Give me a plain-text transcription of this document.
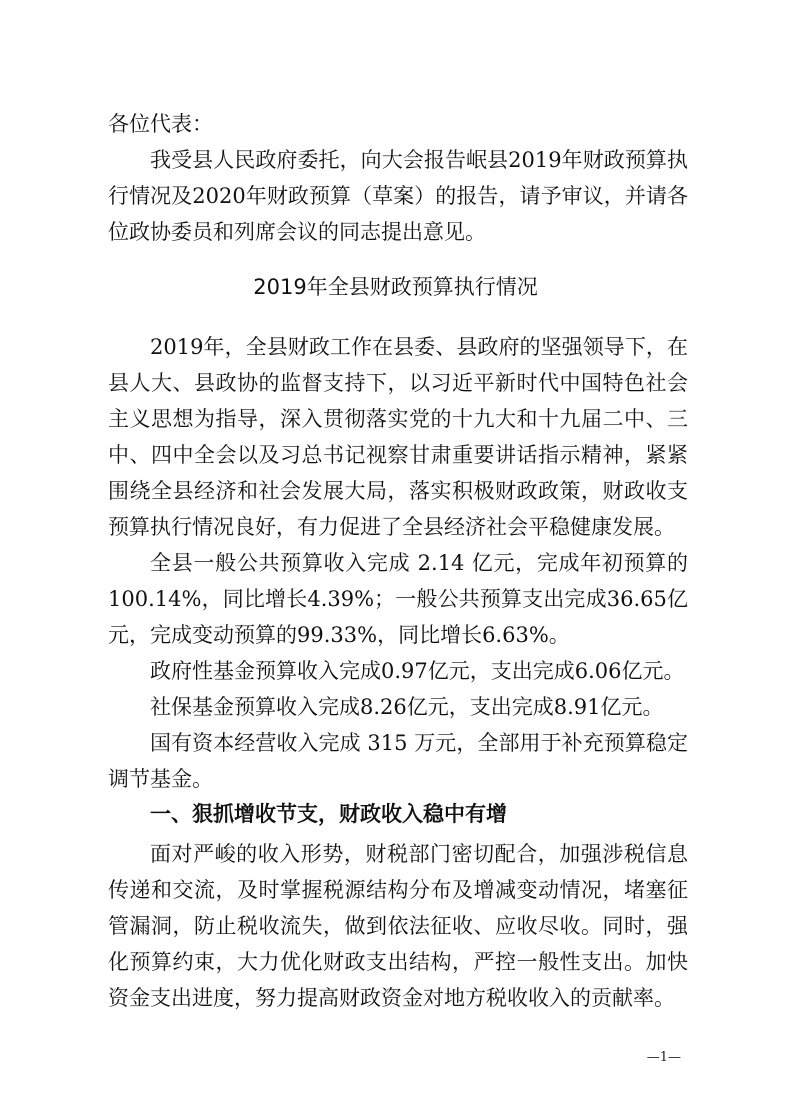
各位代表：
我受县人民政府委托，向大会报告岷县2019年财政预算执行情况及2020年财政预算（草案）的报告，请予审议，并请各位政协委员和列席会议的同志提出意见。
2019年全县财政预算执行情况
2019年，全县财政工作在县委、县政府的坚强领导下，在县人大、县政协的监督支持下，以习近平新时代中国特色社会主义思想为指导，深入贯彻落实党的十九大和十九届二中、三中、四中全会以及习总书记视察甘肃重要讲话指示精神，紧紧围绕全县经济和社会发展大局，落实积极财政政策，财政收支预算执行情况良好，有力促进了全县经济社会平稳健康发展。
全县一般公共预算收入完成 2.14 亿元，完成年初预算的100.14%，同比增长4.39%；一般公共预算支出完成36.65亿元，完成变动预算的99.33%，同比增长6.63%。
政府性基金预算收入完成0.97亿元，支出完成6.06亿元。
社保基金预算收入完成8.26亿元，支出完成8.91亿元。
国有资本经营收入完成 315 万元，全部用于补充预算稳定调节基金。
一、狠抓增收节支，财政收入稳中有增
面对严峻的收入形势，财税部门密切配合，加强涉税信息传递和交流，及时掌握税源结构分布及增减变动情况，堵塞征管漏洞，防止税收流失，做到依法征收、应收尽收。同时，强化预算约束，大力优化财政支出结构，严控一般性支出。加快资金支出进度，努力提高财政资金对地方税收收入的贡献率。
—1—
